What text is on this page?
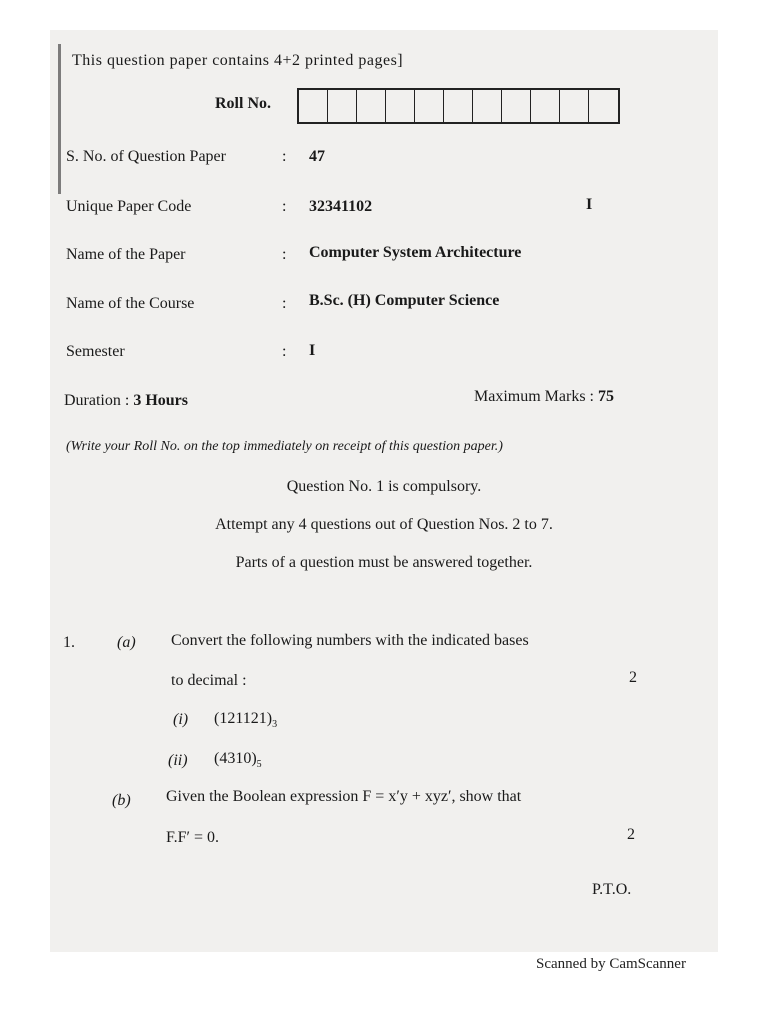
This question paper contains 4+2 printed pages]
Roll No.
S. No. of Question Paper	: 47
Unique Paper Code	: 32341102	I
Name of the Paper	: Computer System Architecture
Name of the Course	: B.Sc. (H) Computer Science
Semester	: I
Duration : 3 Hours	Maximum Marks : 75
(Write your Roll No. on the top immediately on receipt of this question paper.)
Question No. 1 is compulsory.
Attempt any 4 questions out of Question Nos. 2 to 7.
Parts of a question must be answered together.
1.	(a) Convert the following numbers with the indicated bases
to decimal :	2
(i) $(121121)_3$
(ii) $(4310)_5$
(b) Given the Boolean expression F = x′y + xyz′, show that
F.F′ = 0.	2
P.T.O.
Scanned by CamScanner
